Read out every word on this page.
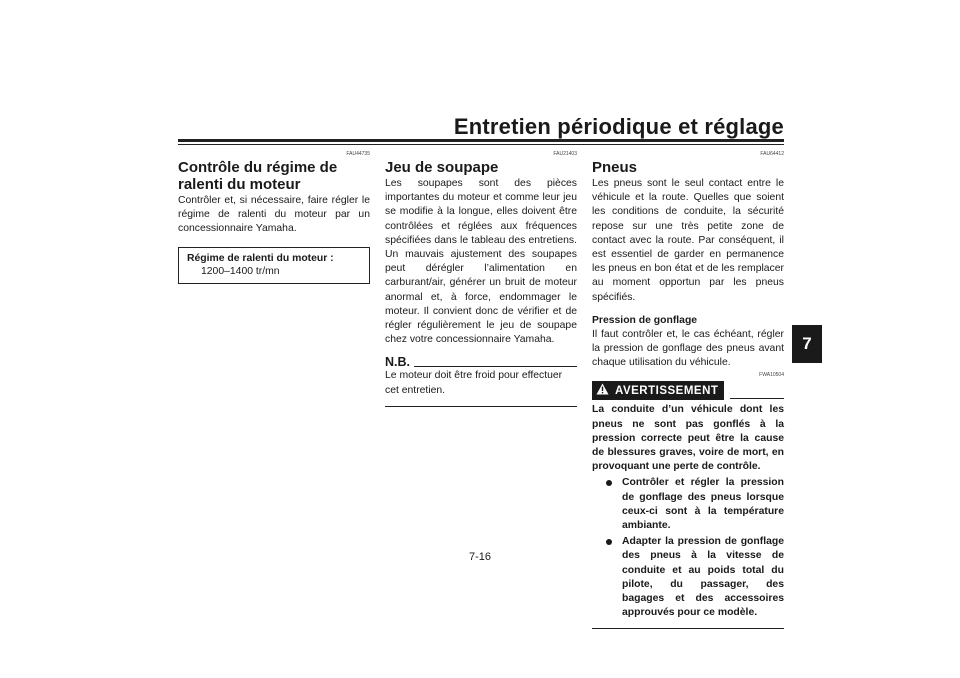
Entretien périodique et réglage
7
FAU44735
Contrôle du régime de ralenti du moteur

Contrôler et, si nécessaire, faire régler le régime de ralenti du moteur par un concessionnaire Yamaha.

Régime de ralenti du moteur :

1200–1400 tr/mn

FAU21403
Jeu de soupape

Les soupapes sont des pièces importantes du moteur et comme leur jeu se modifie à la longue, elles doivent être contrôlées et réglées aux fréquences spécifiées dans le tableau des entretiens. Un mauvais ajustement des soupapes peut dérégler l’alimentation en carburant/air, générer un bruit de moteur anormal et, à force, endommager le moteur. Il convient donc de vérifier et de régler régulièrement le jeu de soupape chez votre concessionnaire Yamaha.

N.B.

Le moteur doit être froid pour effectuer cet entretien.

FAU64412
Pneus

Les pneus sont le seul contact entre le véhicule et la route. Quelles que soient les conditions de conduite, la sécurité repose sur une très petite zone de contact avec la route. Par conséquent, il est essentiel de garder en permanence les pneus en bon état et de les remplacer au moment opportun par les pneus spécifiés.

Pression de gonflage

Il faut contrôler et, le cas échéant, régler la pression de gonflage des pneus avant chaque utilisation du véhicule.

FWA10504
AVERTISSEMENT

La conduite d’un véhicule dont les pneus ne sont pas gonflés à la pression correcte peut être la cause de blessures graves, voire de mort, en provoquant une perte de contrôle.

Contrôler et régler la pression de gonflage des pneus lorsque ceux-ci sont à la température ambiante.
Adapter la pression de gonflage des pneus à la vitesse de conduite et au poids total du pilote, du passager, des bagages et des accessoires approuvés pour ce modèle.
7-16
